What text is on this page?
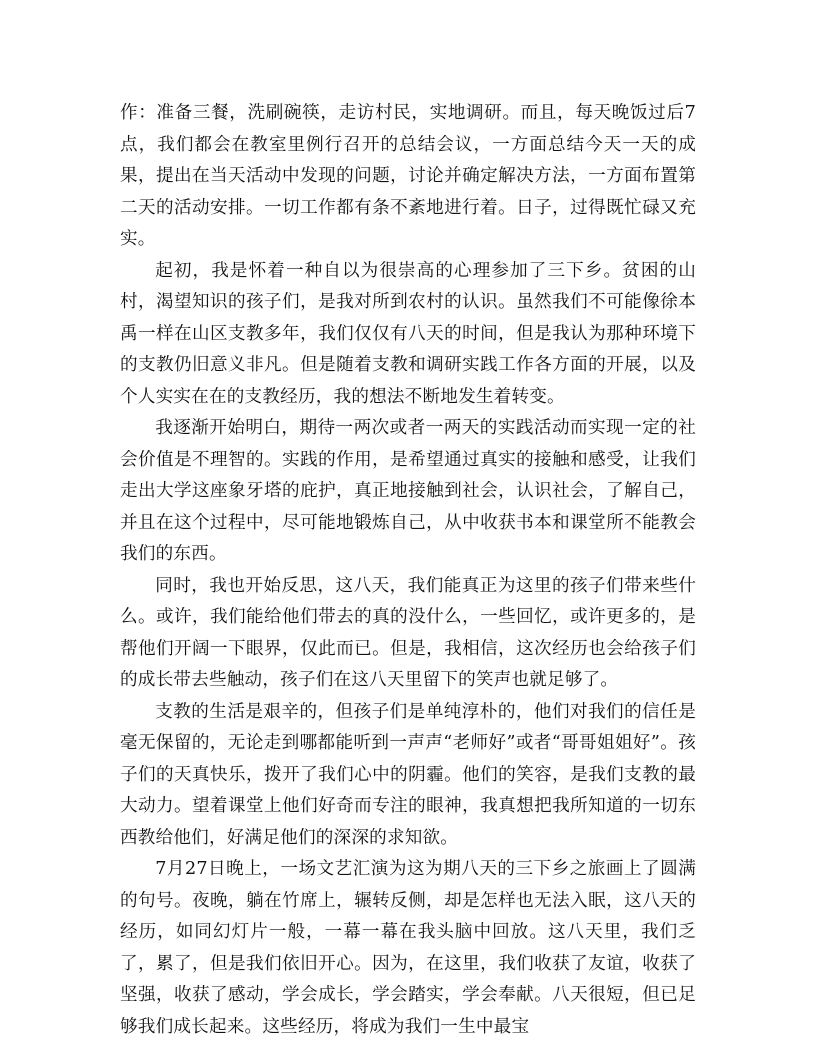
作：准备三餐，洗刷碗筷，走访村民，实地调研。而且，每天晚饭过后7点，我们都会在教室里例行召开的总结会议，一方面总结今天一天的成果，提出在当天活动中发现的问题，讨论并确定解决方法，一方面布置第二天的活动安排。一切工作都有条不紊地进行着。日子，过得既忙碌又充实。

起初，我是怀着一种自以为很崇高的心理参加了三下乡。贫困的山村，渴望知识的孩子们，是我对所到农村的认识。虽然我们不可能像徐本禹一样在山区支教多年，我们仅仅有八天的时间，但是我认为那种环境下的支教仍旧意义非凡。但是随着支教和调研实践工作各方面的开展，以及个人实实在在的支教经历，我的想法不断地发生着转变。

我逐渐开始明白，期待一两次或者一两天的实践活动而实现一定的社会价值是不理智的。实践的作用，是希望通过真实的接触和感受，让我们走出大学这座象牙塔的庇护，真正地接触到社会，认识社会，了解自己，并且在这个过程中，尽可能地锻炼自己，从中收获书本和课堂所不能教会我们的东西。

同时，我也开始反思，这八天，我们能真正为这里的孩子们带来些什么。或许，我们能给他们带去的真的没什么，一些回忆，或许更多的，是帮他们开阔一下眼界，仅此而已。但是，我相信，这次经历也会给孩子们的成长带去些触动，孩子们在这八天里留下的笑声也就足够了。

支教的生活是艰辛的，但孩子们是单纯淳朴的，他们对我们的信任是毫无保留的，无论走到哪都能听到一声声“老师好”或者“哥哥姐姐好”。孩子们的天真快乐，拨开了我们心中的阴霾。他们的笑容，是我们支教的最大动力。望着课堂上他们好奇而专注的眼神，我真想把我所知道的一切东西教给他们，好满足他们的深深的求知欲。

7月27日晚上，一场文艺汇演为这为期八天的三下乡之旅画上了圆满的句号。夜晚，躺在竹席上，辗转反侧，却是怎样也无法入眠，这八天的经历，如同幻灯片一般，一幕一幕在我头脑中回放。这八天里，我们乏了，累了，但是我们依旧开心。因为，在这里，我们收获了友谊，收获了坚强，收获了感动，学会成长，学会踏实，学会奉献。八天很短，但已足够我们成长起来。这些经历，将成为我们一生中最宝
